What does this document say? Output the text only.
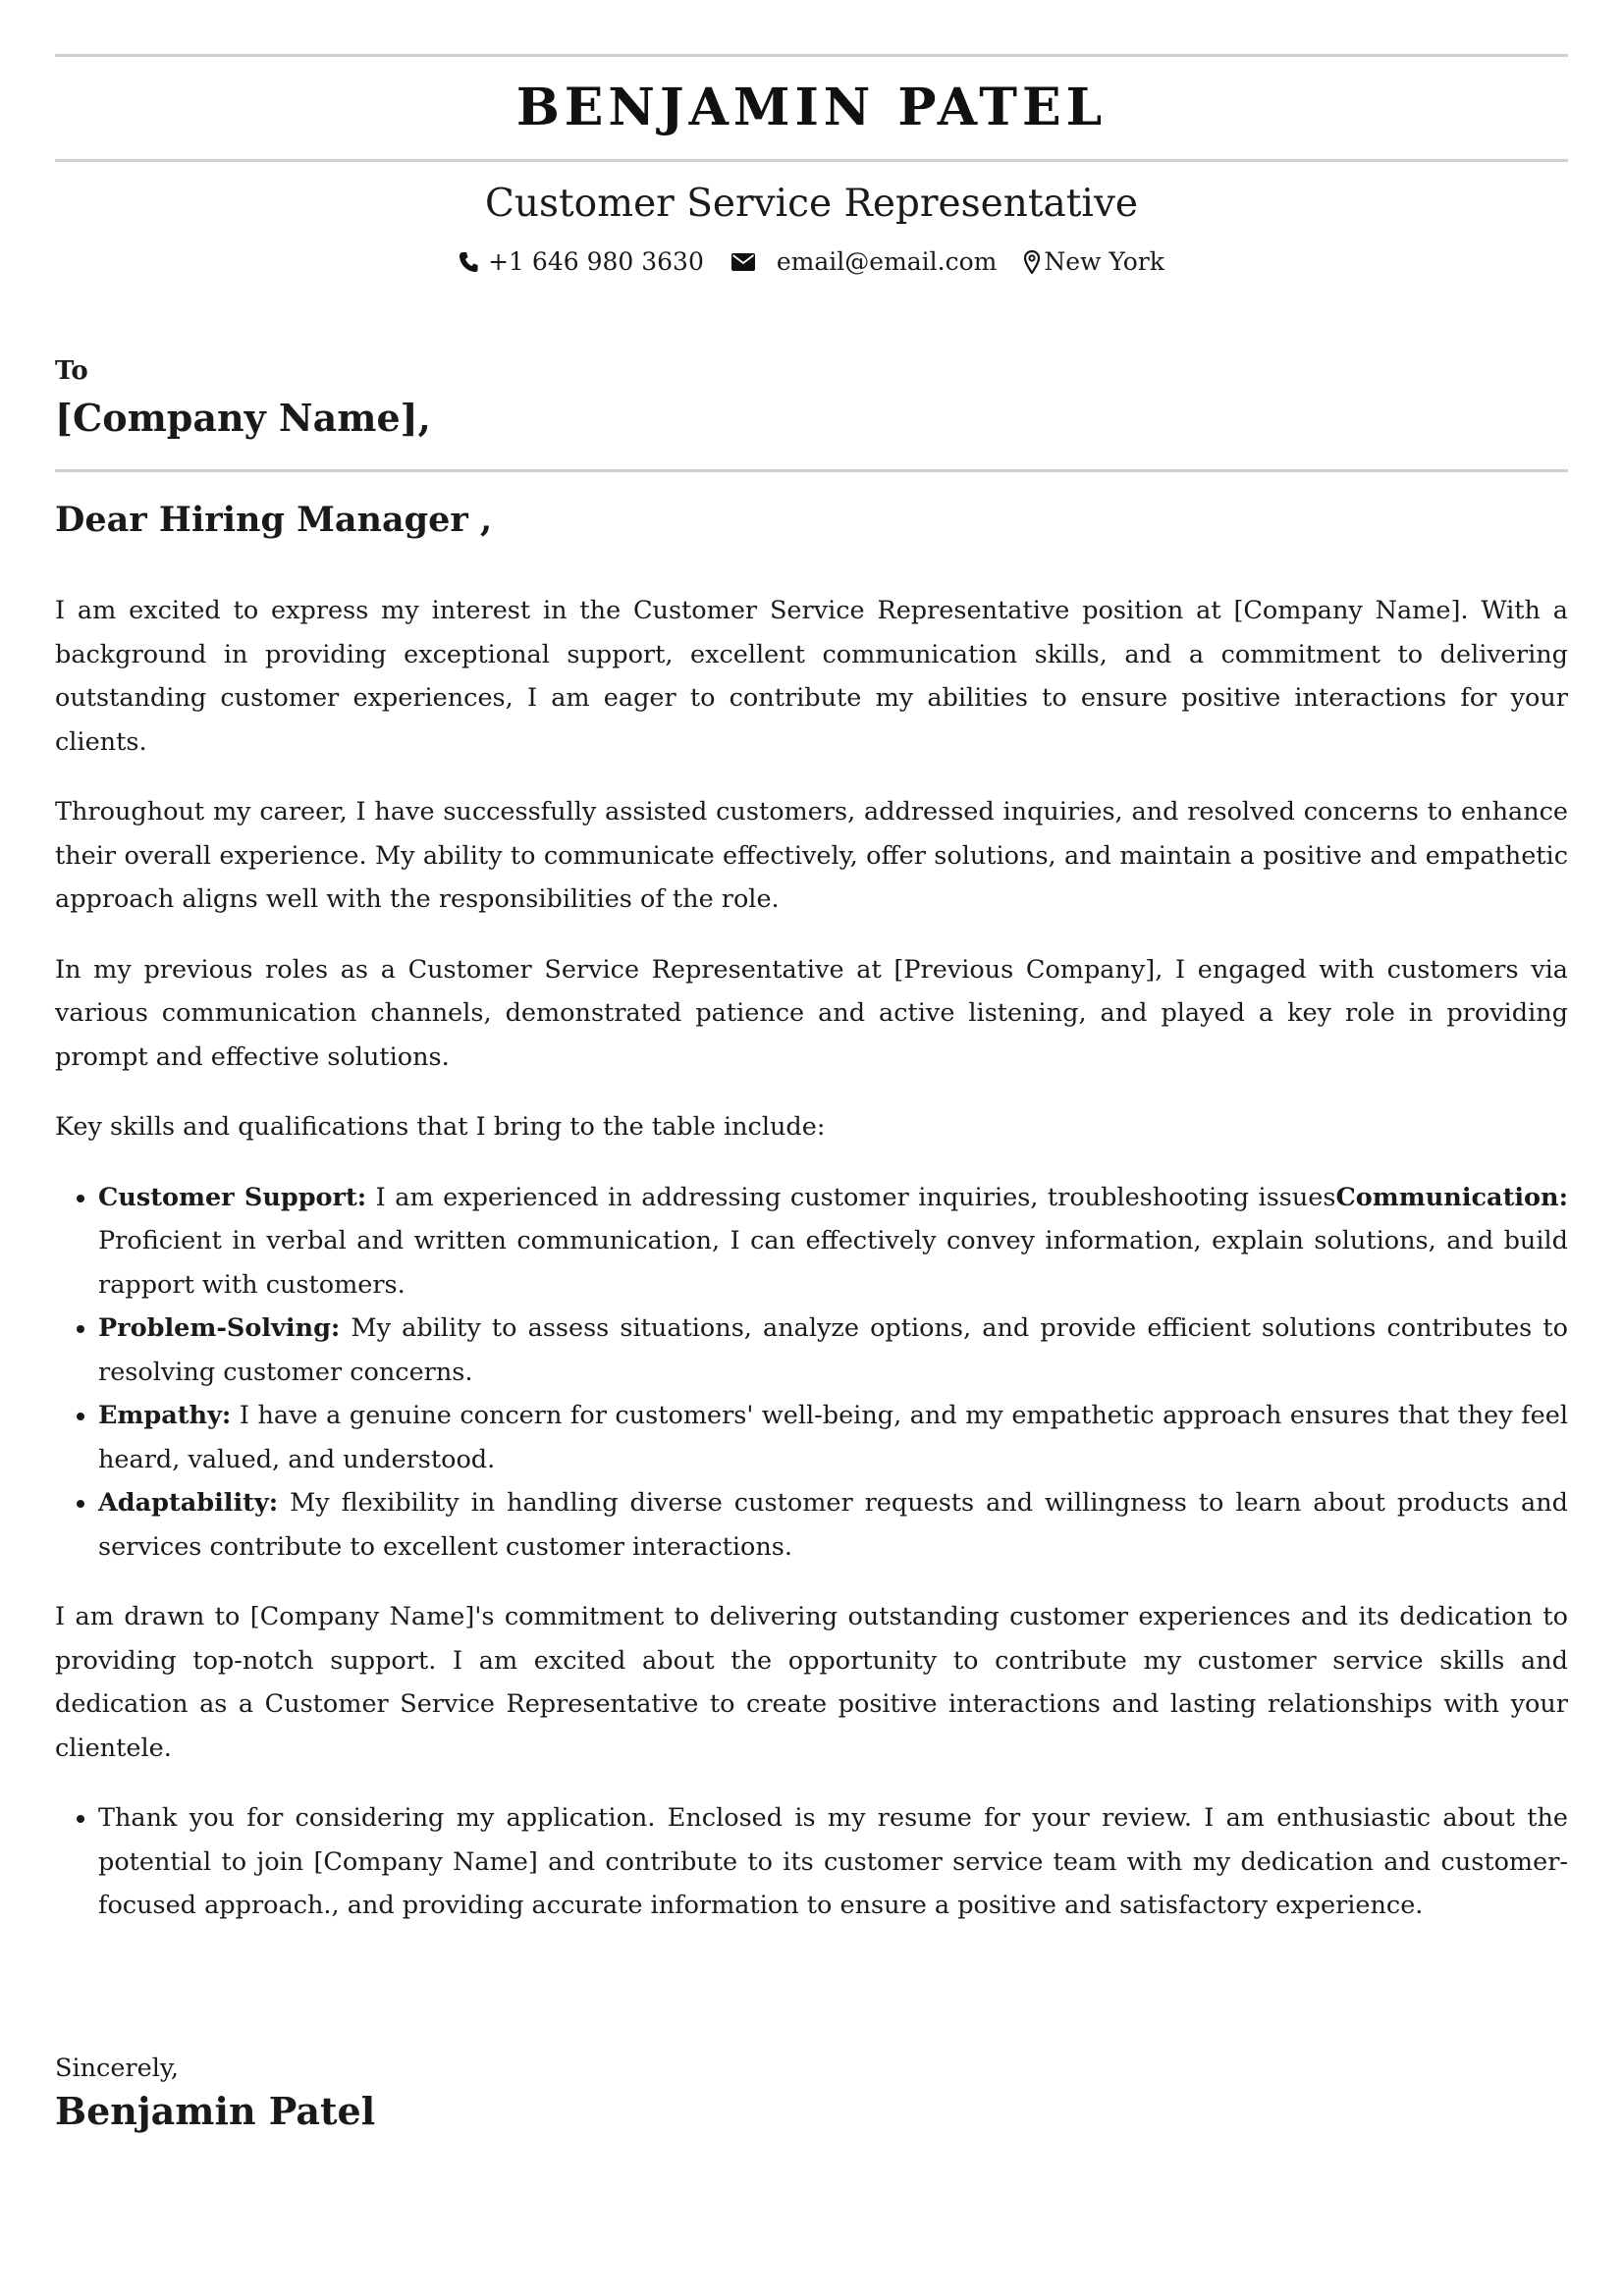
BENJAMIN PATEL
Customer Service Representative
+1 646 980 3630	email@email.com New York
To
[Company Name],
Dear Hiring Manager ,

I am excited to express my interest in the Customer Service Representative position at [Company Name]. With a background in providing exceptional support, excellent communication skills, and a commitment to delivering outstanding customer experiences, I am eager to contribute my abilities to ensure positive interactions for your clients.

Throughout my career, I have successfully assisted customers, addressed inquiries, and resolved concerns to enhance their overall experience. My ability to communicate effectively, offer solutions, and maintain a positive and empathetic approach aligns well with the responsibilities of the role.

In my previous roles as a Customer Service Representative at [Previous Company], I engaged with customers via various communication channels, demonstrated patience and active listening, and played a key role in providing prompt and effective solutions.

Key skills and qualifications that I bring to the table include:

• Customer Support: I am experienced in addressing customer inquiries, troubleshooting issuesCommunication: Proficient in verbal and written communication, I can effectively convey information, explain solutions, and build rapport with customers.
• Problem-Solving: My ability to assess situations, analyze options, and provide efficient solutions contributes to resolving customer concerns.
• Empathy: I have a genuine concern for customers' well-being, and my empathetic approach ensures that they feel heard, valued, and understood.
• Adaptability: My flexibility in handling diverse customer requests and willingness to learn about products and services contribute to excellent customer interactions.

I am drawn to [Company Name]'s commitment to delivering outstanding customer experiences and its dedication to providing top-notch support. I am excited about the opportunity to contribute my customer service skills and dedication as a Customer Service Representative to create positive interactions and lasting relationships with your clientele.

• Thank you for considering my application. Enclosed is my resume for your review. I am enthusiastic about the potential to join [Company Name] and contribute to its customer service team with my dedication and customer-focused approach., and providing accurate information to ensure a positive and satisfactory experience.
Sincerely,
Benjamin Patel
